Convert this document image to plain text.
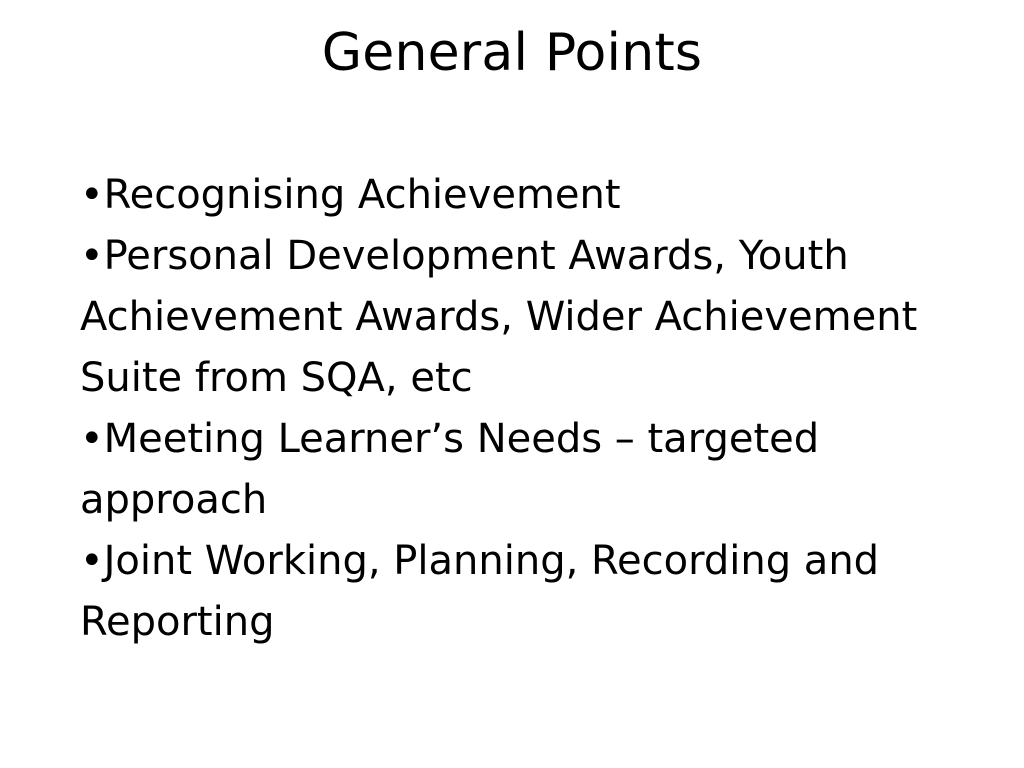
General Points
•Recognising Achievement
•Personal Development Awards, Youth Achievement Awards, Wider Achievement Suite from SQA, etc
•Meeting Learner’s Needs – targeted approach
•Joint Working, Planning, Recording and Reporting
